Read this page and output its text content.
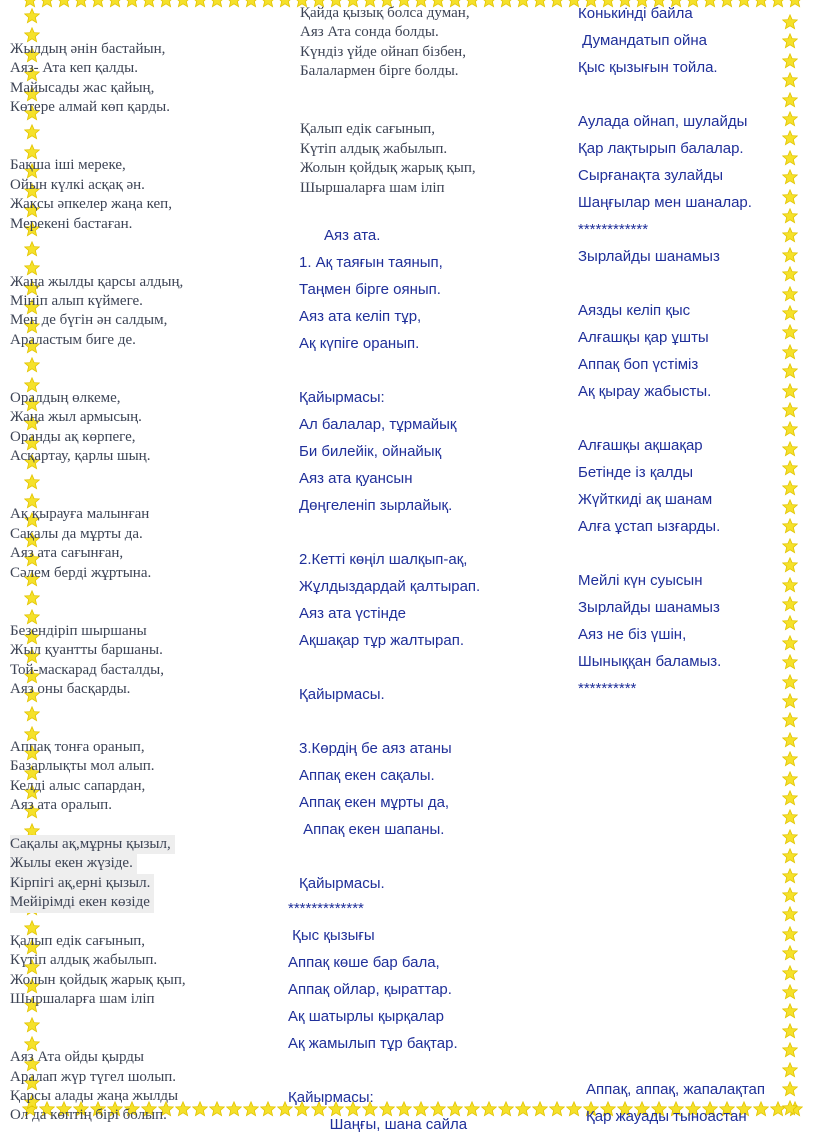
Жылдың әнін бастайын,
Аяз- Ата кеп қалды.
Майысады жас қайың,
Көтере алмай көп қарды.

Бақша іші мереке,
Ойын күлкі асқақ ән.
Жақсы әпкелер жаңа кеп,
Мерекені бастаған.

Жаңа жылды қарсы алдың,
Мініп алып күймеге.
Мен де бүгін ән салдым,
Араластым биге де.

Оралдың өлкеме,
Жаңа жыл армысың.
Оранды ақ көрпеге,
Асқартау, қарлы шың.

Ақ қырауға малынған
Сақалы да мұрты да.
Аяз ата сағынған,
Сәлем берді жұртына.

Безендіріп шыршаны
Жыл қуантты баршаны.
Той-маскарад басталды,
Аяз оны басқарды.

Аппақ тонға оранып,
Базарлықты мол алып.
Келді алыс сапардан,
Аяз ата оралып.

Сақалы ақ,мұрны қызыл,
Жылы екен жүзіде.
Кірпігі ақ,ерні қызыл.
Мейірімді екен көзіде

Қалып едік сағынып,
Күтіп алдық жабылып.
Жолын қойдық жарық қып,
Шыршаларға шам іліп

Аяз Ата ойды қырды
Аралап жүр түгел шолып.
Қарсы алады жаңа жылды
Ол да көптің бірі болып.
Қайда қызық болса думан,
Аяз Ата сонда болды.
Күндіз үйде ойнап бізбен,
Балалармен бірге болды.

Қалып едік сағынып,
Күтіп алдық жабылып.
Жолын қойдық жарық қып,
Шыршаларға шам іліп
Аяз ата.
1. Ақ таяғын таянып,
Таңмен бірге оянып.
Аяз ата келіп тұр,
Ақ күпіге оранып.

Қайырмасы:
Ал балалар, тұрмайық
Би билейік, ойнайық
Аяз ата қуансын
Дөңгеленіп зырлайық.

2.Кетті көңіл шалқып-ақ,
Жұлдыздардай қалтырап.
Аяз ата үстінде
Ақшақар тұр жалтырап.

Қайырмасы.

3.Көрдің бе аяз атаны
Аппақ екен сақалы.
Аппақ екен мұрты да,
Аппақ екен шапаны.

Қайырмасы.
*************
Қыс қызығы
Аппақ көше бар бала,
Аппақ ойлар, қыраттар.
Ақ шатырлы қырқалар
Ақ жамылып тұр бақтар.

Қайырмасы:
Шаңғы, шана сайла
Коньки̇нді байла
Думандатып ойна
Қыс қызығын тойла.

Аулада ойнап, шулайды
Қар лақтырып балалар.
Сырғанақта зулайды
Шаңғылар мен шаналар.
************
Зырлайды шанамыз

Аязды келіп қыс
Алғашқы қар ұшты
Аппақ боп үстіміз
Ақ қырау жабысты.

Алғашқы ақшақар
Бетінде із қалды
Жүйткиді ақ шанам
Алға ұстап ызғарды.

Мейлі күн суысын
Зырлайды шанамыз
Аяз не біз үшін,
Шыныққан баламыз.
**********
Аппақ, аппақ, жапалақтап
Қар жауады тыноастан
